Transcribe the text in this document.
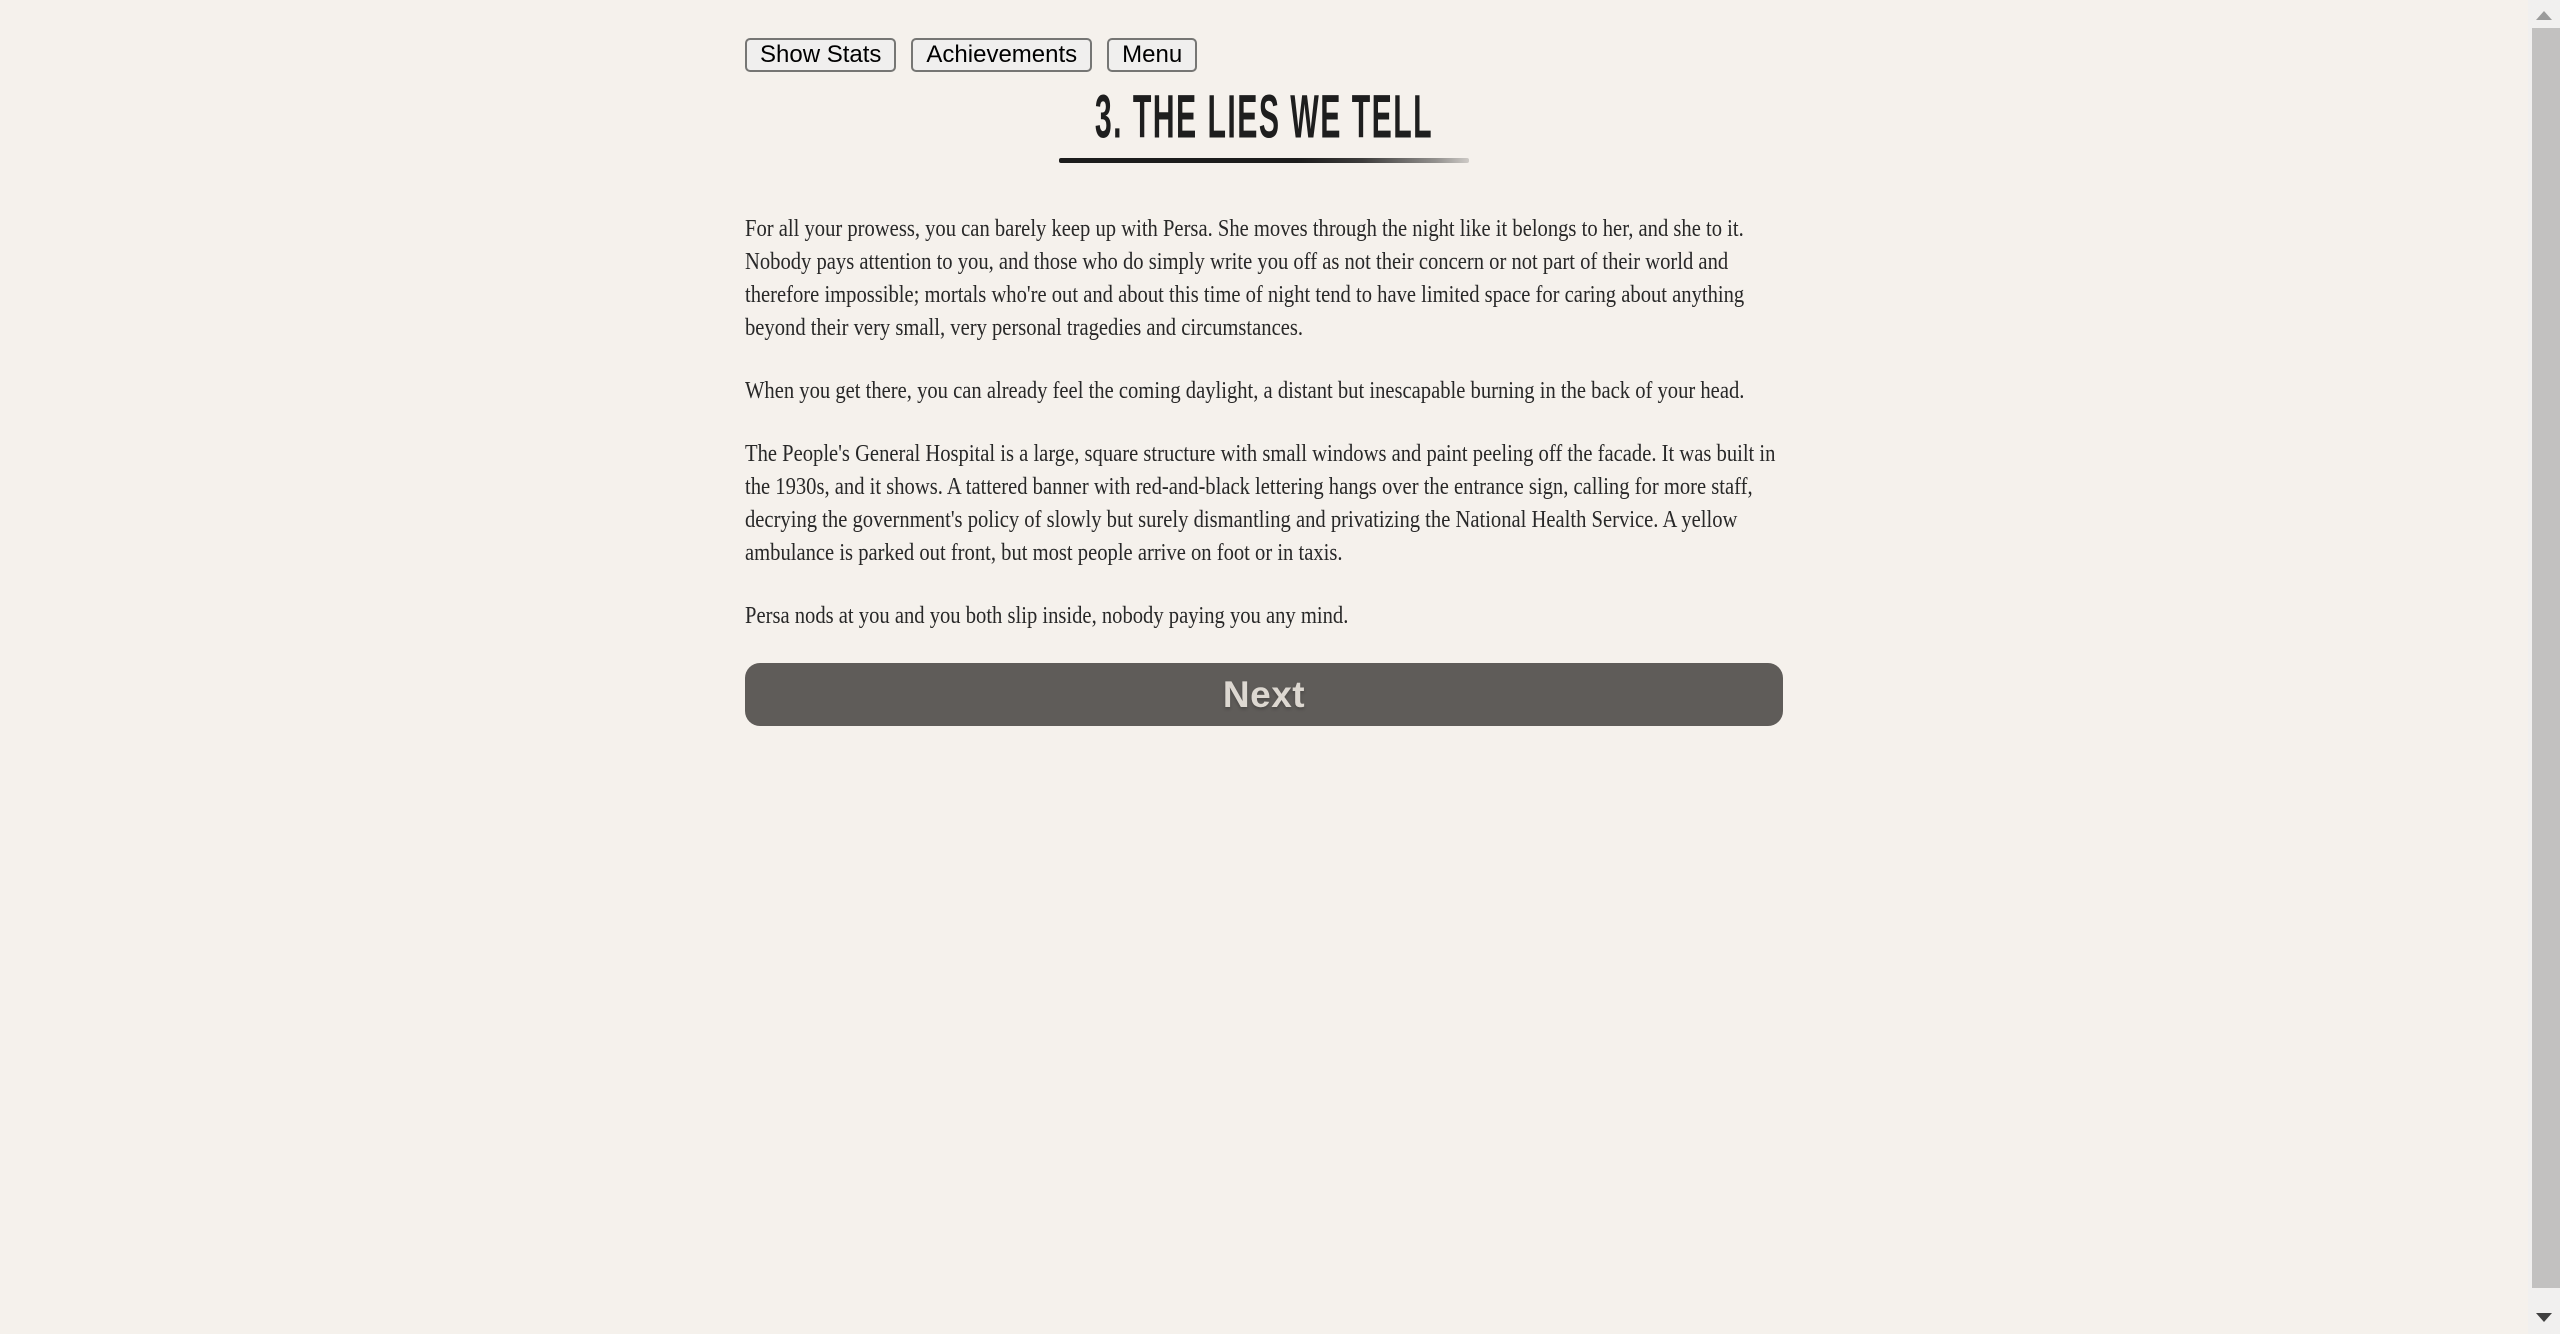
Show Stats	Achievements	Menu
3. THE LIES WE TELL

For all your prowess, you can barely keep up with Persa. She moves through the night like it belongs to her, and she to it. Nobody pays attention to you, and those who do simply write you off as not their concern or not part of their world and therefore impossible; mortals who're out and about this time of night tend to have limited space for caring about anything beyond their very small, very personal tragedies and circumstances.

When you get there, you can already feel the coming daylight, a distant but inescapable burning in the back of your head.

The People's General Hospital is a large, square structure with small windows and paint peeling off the facade. It was built in the 1930s, and it shows. A tattered banner with red-and-black lettering hangs over the entrance sign, calling for more staff, decrying the government's policy of slowly but surely dismantling and privatizing the National Health Service. A yellow ambulance is parked out front, but most people arrive on foot or in taxis.

Persa nods at you and you both slip inside, nobody paying you any mind.

Next
